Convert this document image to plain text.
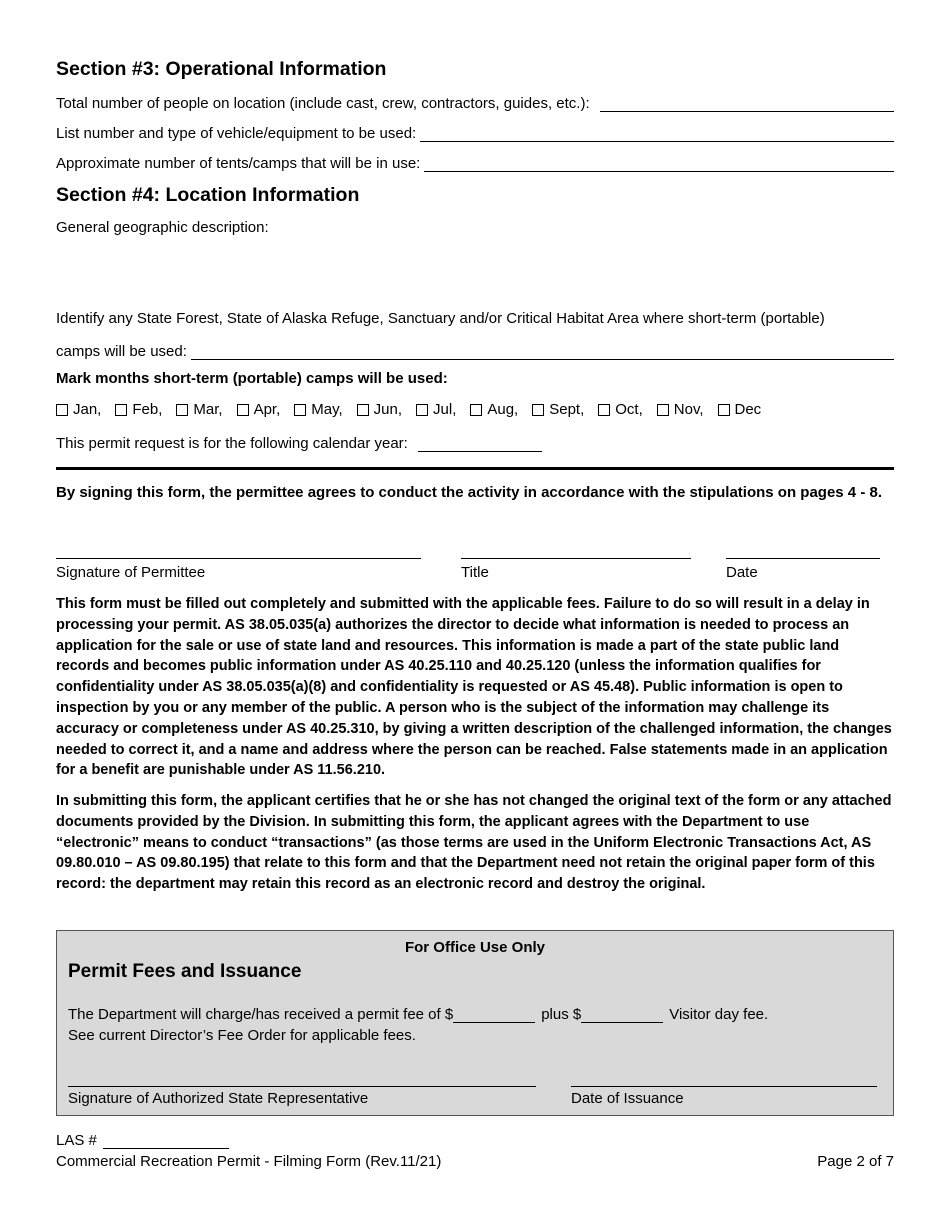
Section #3: Operational Information
Total number of people on location (include cast, crew, contractors, guides, etc.):
List number and type of vehicle/equipment to be used:
Approximate number of tents/camps that will be in use:
Section #4: Location Information
General geographic description:
Identify any State Forest, State of Alaska Refuge, Sanctuary and/or Critical Habitat Area where short-term (portable)
camps will be used:
Mark months short-term (portable) camps will be used:
Jan, Feb, Mar, Apr, May, Jun, Jul, Aug, Sept, Oct, Nov, Dec
This permit request is for the following calendar year:
By signing this form, the permittee agrees to conduct the activity in accordance with the stipulations on pages 4 - 8.
Signature of Permittee	Title	Date
This form must be filled out completely and submitted with the applicable fees. Failure to do so will result in a delay in processing your permit. AS 38.05.035(a) authorizes the director to decide what information is needed to process an application for the sale or use of state land and resources. This information is made a part of the state public land records and becomes public information under AS 40.25.110 and 40.25.120 (unless the information qualifies for confidentiality under AS 38.05.035(a)(8) and confidentiality is requested or AS 45.48). Public information is open to inspection by you or any member of the public. A person who is the subject of the information may challenge its accuracy or completeness under AS 40.25.310, by giving a written description of the challenged information, the changes needed to correct it, and a name and address where the person can be reached. False statements made in an application for a benefit are punishable under AS 11.56.210.
In submitting this form, the applicant certifies that he or she has not changed the original text of the form or any attached documents provided by the Division. In submitting this form, the applicant agrees with the Department to use “electronic” means to conduct “transactions” (as those terms are used in the Uniform Electronic Transactions Act, AS 09.80.010 – AS 09.80.195) that relate to this form and that the Department need not retain the original paper form of this record: the department may retain this record as an electronic record and destroy the original.
For Office Use Only
Permit Fees and Issuance
The Department will charge/has received a permit fee of $	plus $	Visitor day fee.
See current Director’s Fee Order for applicable fees.
Signature of Authorized State Representative	Date of Issuance
LAS #
Commercial Recreation Permit - Filming Form (Rev.11/21)	Page 2 of 7
